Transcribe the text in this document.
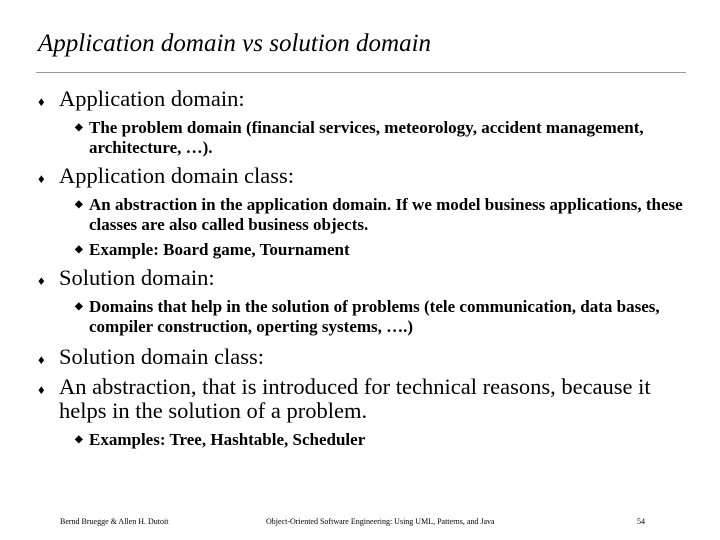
Application domain vs solution domain
♦ Application domain:
◆ The problem domain (financial services, meteorology, accident management, architecture, …).
♦ Application domain class:
◆ An abstraction in the application domain. If we model business applications, these classes are also called business objects.
◆ Example: Board game, Tournament
♦ Solution domain:
◆ Domains that help in the solution of problems (tele communication, data bases, compiler construction, operting systems, ….)
♦ Solution domain class:
♦ An abstraction, that is introduced for technical reasons, because it helps in the solution of a problem.
◆ Examples: Tree, Hashtable, Scheduler
Bernd Bruegge & Allen H. Dutoit	Object-Oriented Software Engineering: Using UML, Patterns, and Java	54
